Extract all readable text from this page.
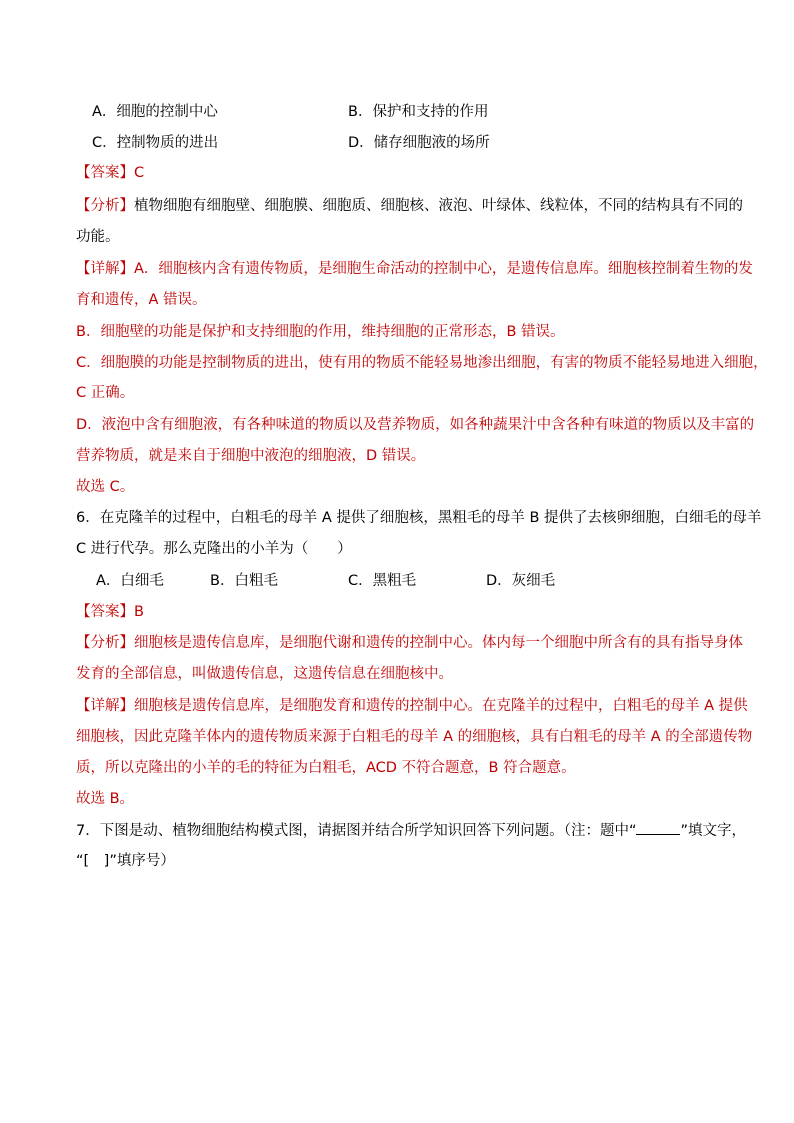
A．细胞的控制中心	B．保护和支持的作用
C．控制物质的进出	D．储存细胞液的场所
【答案】C
【分析】植物细胞有细胞壁、细胞膜、细胞质、细胞核、液泡、叶绿体、线粒体，不同的结构具有不同的
功能。
【详解】A．细胞核内含有遗传物质，是细胞生命活动的控制中心，是遗传信息库。细胞核控制着生物的发
育和遗传，A 错误。
B．细胞壁的功能是保护和支持细胞的作用，维持细胞的正常形态，B 错误。
C．细胞膜的功能是控制物质的进出，使有用的物质不能轻易地渗出细胞，有害的物质不能轻易地进入细胞，
C 正确。
D．液泡中含有细胞液，有各种味道的物质以及营养物质，如各种蔬果汁中含各种有味道的物质以及丰富的
营养物质，就是来自于细胞中液泡的细胞液，D 错误。
故选 C。
6．在克隆羊的过程中，白粗毛的母羊 A 提供了细胞核，黑粗毛的母羊 B 提供了去核卵细胞，白细毛的母羊
C 进行代孕。那么克隆出的小羊为（　　）
A．白细毛	B．白粗毛	C．黑粗毛	D．灰细毛
【答案】B
【分析】细胞核是遗传信息库，是细胞代谢和遗传的控制中心。体内每一个细胞中所含有的具有指导身体
发育的全部信息，叫做遗传信息，这遗传信息在细胞核中。
【详解】细胞核是遗传信息库，是细胞发育和遗传的控制中心。在克隆羊的过程中，白粗毛的母羊 A 提供
细胞核，因此克隆羊体内的遗传物质来源于白粗毛的母羊 A 的细胞核，具有白粗毛的母羊 A 的全部遗传物
质，所以克隆出的小羊的毛的特征为白粗毛，ACD 不符合题意，B 符合题意。
故选 B。
7．下图是动、植物细胞结构模式图，请据图并结合所学知识回答下列问题。（注：题中“	”填文字，
“[　]”填序号）
